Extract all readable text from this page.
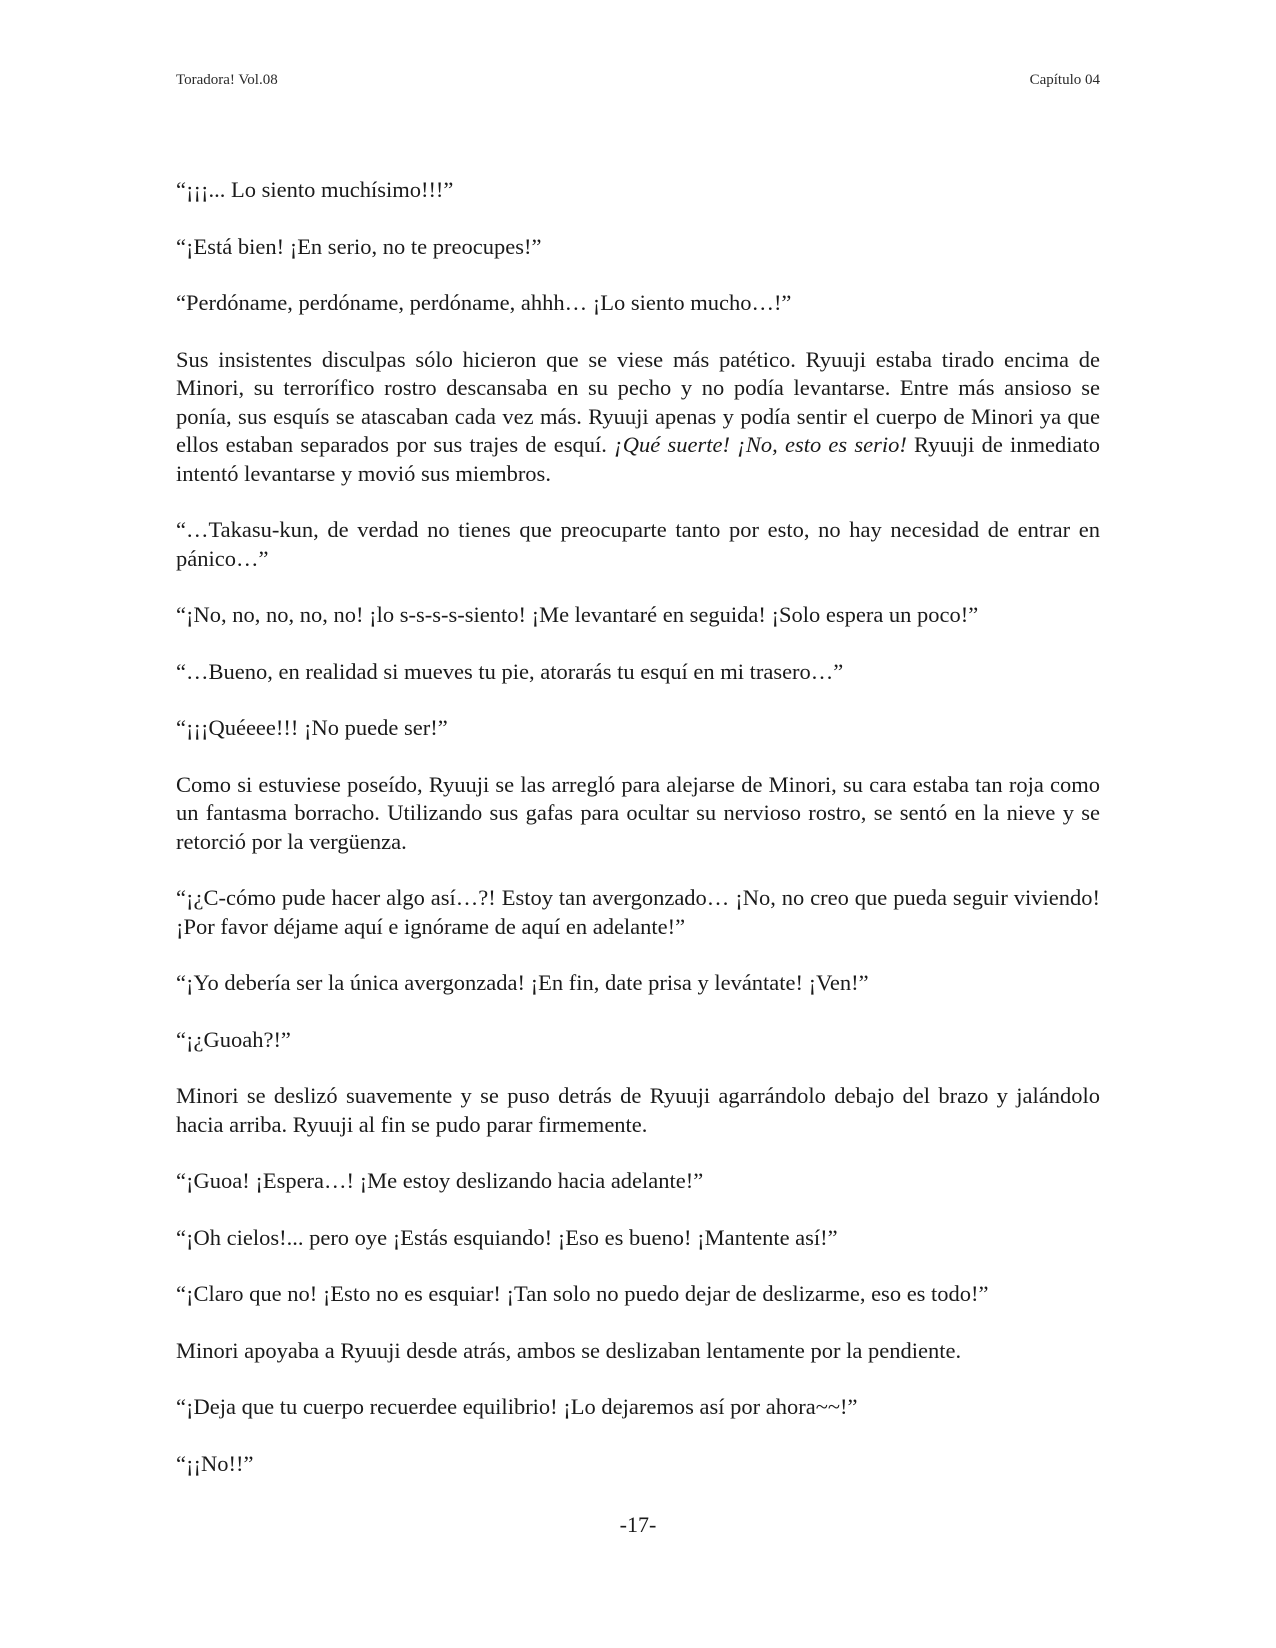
Toradora! Vol.08	Capítulo 04

“¡¡¡... Lo siento muchísimo!!!”

“¡Está bien! ¡En serio, no te preocupes!”

“Perdóname, perdóname, perdóname, ahhh… ¡Lo siento mucho…!”

Sus insistentes disculpas sólo hicieron que se viese más patético. Ryuuji estaba tirado encima de Minori, su terrorífico rostro descansaba en su pecho y no podía levantarse. Entre más ansioso se ponía, sus esquís se atascaban cada vez más. Ryuuji apenas y podía sentir el cuerpo de Minori ya que ellos estaban separados por sus trajes de esquí. ¡Qué suerte! ¡No, esto es serio! Ryuuji de inmediato intentó levantarse y movió sus miembros.

“…Takasu-kun, de verdad no tienes que preocuparte tanto por esto, no hay necesidad de entrar en pánico…”

“¡No, no, no, no, no! ¡lo s-s-s-s-siento! ¡Me levantaré en seguida! ¡Solo espera un poco!”

“…Bueno, en realidad si mueves tu pie, atorarás tu esquí en mi trasero…”

“¡¡¡Quéeee!!! ¡No puede ser!”

Como si estuviese poseído, Ryuuji se las arregló para alejarse de Minori, su cara estaba tan roja como un fantasma borracho. Utilizando sus gafas para ocultar su nervioso rostro, se sentó en la nieve y se retorció por la vergüenza.

“¡¿C-cómo pude hacer algo así…?! Estoy tan avergonzado… ¡No, no creo que pueda seguir viviendo! ¡Por favor déjame aquí e ignórame de aquí en adelante!”

“¡Yo debería ser la única avergonzada! ¡En fin, date prisa y levántate! ¡Ven!”

“¡¿Guoah?!”

Minori se deslizó suavemente y se puso detrás de Ryuuji agarrándolo debajo del brazo y jalándolo hacia arriba. Ryuuji al fin se pudo parar firmemente.

“¡Guoa! ¡Espera…! ¡Me estoy deslizando hacia adelante!”

“¡Oh cielos!... pero oye ¡Estás esquiando! ¡Eso es bueno! ¡Mantente así!”

“¡Claro que no! ¡Esto no es esquiar! ¡Tan solo no puedo dejar de deslizarme, eso es todo!”

Minori apoyaba a Ryuuji desde atrás, ambos se deslizaban lentamente por la pendiente.

“¡Deja que tu cuerpo recuerdee equilibrio! ¡Lo dejaremos así por ahora~~!”

“¡¡No!!”

-17-
